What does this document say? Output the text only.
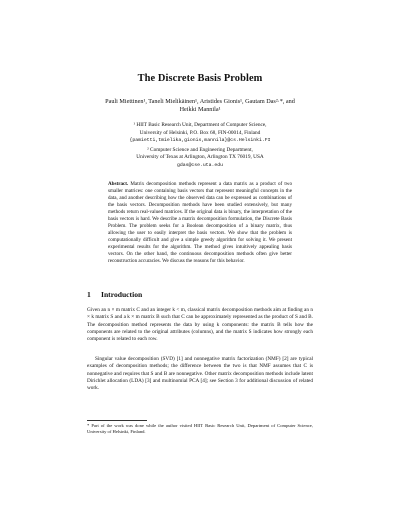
The Discrete Basis Problem
Pauli Miettinen¹, Taneli Mielikäinen¹, Aristides Gionis¹, Gautam Das²·*, and
Heikki Mannila¹
¹ HIIT Basic Research Unit, Department of Computer Science,
University of Helsinki, P.O. Box 68, FIN-00014, Finland
{pamietti,tmielika,gionis,mannila}@cs.Helsinki.FI
² Computer Science and Engineering Department,
University of Texas at Arlington, Arlington TX 76019, USA
gdas@cse.uta.edu
Abstract. Matrix decomposition methods represent a data matrix as a product of two smaller matrices: one containing basis vectors that represent meaningful concepts in the data, and another describing how the observed data can be expressed as combinations of the basis vectors. Decomposition methods have been studied extensively, but many methods return real-valued matrices. If the original data is binary, the interpretation of the basis vectors is hard. We describe a matrix decomposition formulation, the Discrete Basis Problem. The problem seeks for a Boolean decomposition of a binary matrix, thus allowing the user to easily interpret the basis vectors. We show that the problem is computationally difficult and give a simple greedy algorithm for solving it. We present experimental results for the algorithm. The method gives intuitively appealing basis vectors. On the other hand, the continuous decomposition methods often give better reconstruction accuracies. We discuss the reasons for this behavior.
1 Introduction
Given an n × m matrix C and an integer k < m, classical matrix decomposition methods aim at finding an n × k matrix S and a k × m matrix B such that C can be approximately represented as the product of S and B. The decomposition method represents the data by using k components: the matrix B tells how the components are related to the original attributes (columns), and the matrix S indicates how strongly each component is related to each row.
Singular value decomposition (SVD) [1] and nonnegative matrix factorization (NMF) [2] are typical examples of decomposition methods; the difference between the two is that NMF assumes that C is nonnegative and requires that S and B are nonnegative. Other matrix decomposition methods include latent Dirichlet allocation (LDA) [3] and multinomial PCA [4]; see Section 3 for additional discussion of related work.
* Part of the work was done while the author visited HIIT Basic Research Unit, Department of Computer Science, University of Helsinki, Finland.
